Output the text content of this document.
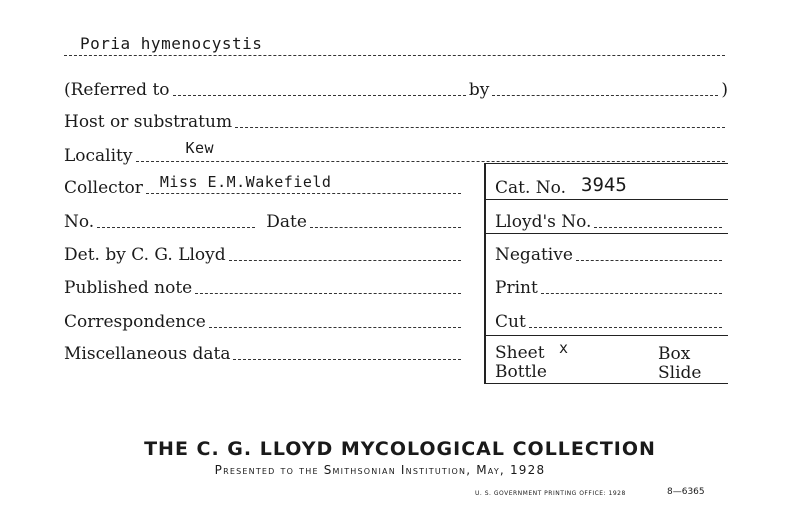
Poria hymenocystis
(Referred to	by	)
Host or substratum
Locality	Kew
Collector Miss E.M.Wakefield
No.	Date
Det. by C. G. Lloyd
Published note
Correspondence
Miscellaneous data
Cat. No. 3945
Lloyd's No.
Negative
Print
Cut
Sheet x	Box
Bottle	Slide
THE C. G. LLOYD MYCOLOGICAL COLLECTION
Presented to the Smithsonian Institution, May, 1928
U. S. GOVERNMENT PRINTING OFFICE: 1928	8—6365
